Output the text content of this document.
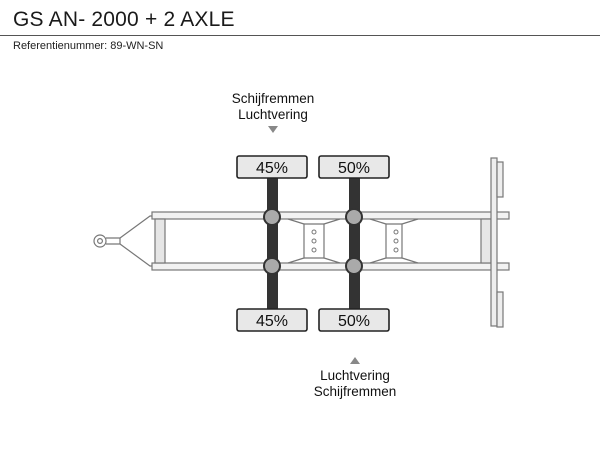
GS AN- 2000 + 2 AXLE
Referentienummer: 89-WN-SN
45%
45%
50%
50%
Schijfremmen
Luchtvering
Luchtvering
Schijfremmen
